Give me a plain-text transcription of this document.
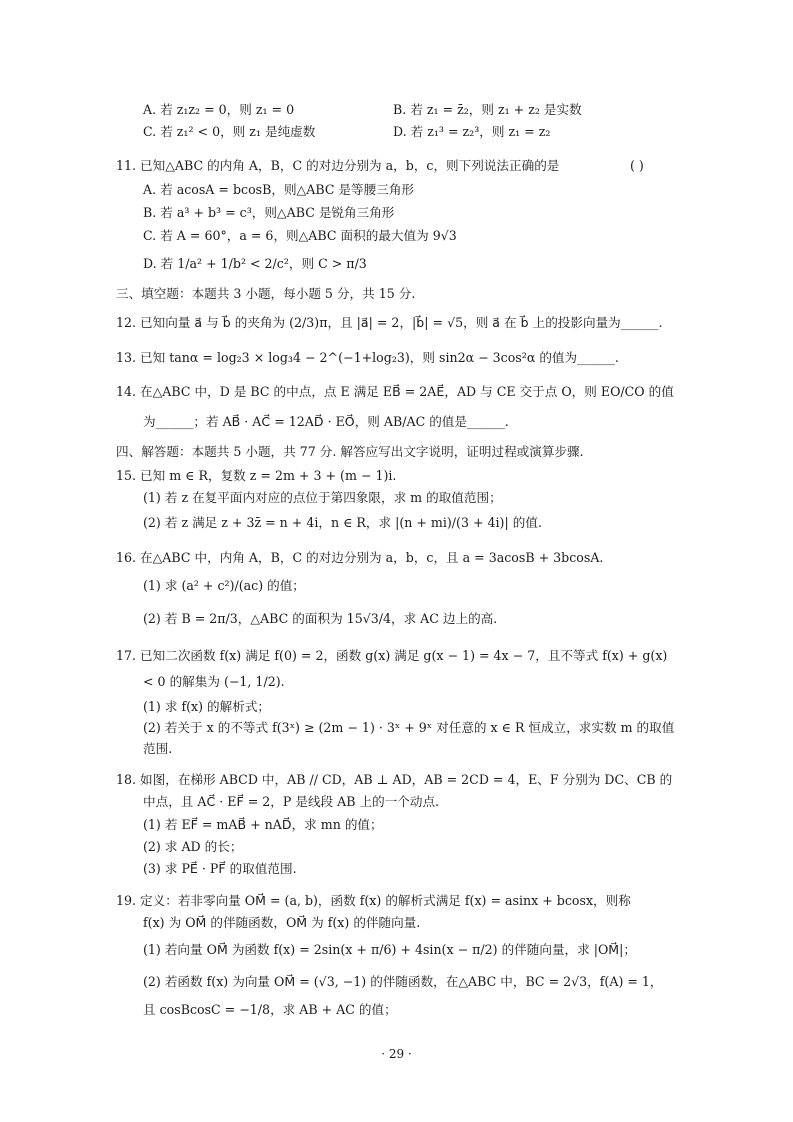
A. 若 z₁z₂ = 0，则 z₁ = 0	B. 若 z₁ = z̄₂，则 z₁ + z₂ 是实数
C. 若 z₁² < 0，则 z₁ 是纯虚数	D. 若 z₁³ = z₂³，则 z₁ = z₂
11. 已知△ABC 的内角 A，B，C 的对边分别为 a，b，c，则下列说法正确的是	( )
A. 若 acosA = bcosB，则△ABC 是等腰三角形
B. 若 a³ + b³ = c³，则△ABC 是锐角三角形
C. 若 A = 60°，a = 6，则△ABC 面积的最大值为 9√3
D. 若 1/a² + 1/b² < 2/c²，则 C > π/3
三、填空题：本题共 3 小题，每小题 5 分，共 15 分.
12. 已知向量 a⃗ 与 b⃗ 的夹角为 (2/3)π，且 |a⃗| = 2，|b⃗| = √5，则 a⃗ 在 b⃗ 上的投影向量为______.
13. 已知 tanα = log₂3 × log₃4 − 2^(−1+log₂3)，则 sin2α − 3cos²α 的值为______.
14. 在△ABC 中，D 是 BC 的中点，点 E 满足 EB⃗ = 2AE⃗，AD 与 CE 交于点 O，则 EO/CO 的值
为______；若 AB⃗ · AC⃗ = 12AD⃗ · EO⃗，则 AB/AC 的值是______.
四、解答题：本题共 5 小题，共 77 分. 解答应写出文字说明，证明过程或演算步骤.
15. 已知 m ∈ R，复数 z = 2m + 3 + (m − 1)i.
(1) 若 z 在复平面内对应的点位于第四象限，求 m 的取值范围；
(2) 若 z 满足 z + 3z̄ = n + 4i，n ∈ R，求 |(n + mi)/(3 + 4i)| 的值.
16. 在△ABC 中，内角 A，B，C 的对边分别为 a，b，c，且 a = 3acosB + 3bcosA.
(1) 求 (a² + c²)/(ac) 的值；
(2) 若 B = 2π/3，△ABC 的面积为 15√3/4，求 AC 边上的高.
17. 已知二次函数 f(x) 满足 f(0) = 2，函数 g(x) 满足 g(x − 1) = 4x − 7，且不等式 f(x) + g(x)
< 0 的解集为 (−1, 1/2).
(1) 求 f(x) 的解析式；
(2) 若关于 x 的不等式 f(3ˣ) ≥ (2m − 1) · 3ˣ + 9ˣ 对任意的 x ∈ R 恒成立，求实数 m 的取值
范围.
18. 如图，在梯形 ABCD 中，AB // CD，AB ⊥ AD，AB = 2CD = 4，E、F 分别为 DC、CB 的
中点，且 AC⃗ · EF⃗ = 2，P 是线段 AB 上的一个动点.
(1) 若 EF⃗ = mAB⃗ + nAD⃗，求 mn 的值；
(2) 求 AD 的长；
(3) 求 PE⃗ · PF⃗ 的取值范围.
19. 定义：若非零向量 OM⃗ = (a, b)，函数 f(x) 的解析式满足 f(x) = asinx + bcosx，则称
f(x) 为 OM⃗ 的伴随函数，OM⃗ 为 f(x) 的伴随向量.
(1) 若向量 OM⃗ 为函数 f(x) = 2sin(x + π/6) + 4sin(x − π/2) 的伴随向量，求 |OM⃗|；
(2) 若函数 f(x) 为向量 OM⃗ = (√3, −1) 的伴随函数，在△ABC 中，BC = 2√3，f(A) = 1，
且 cosBcosC = −1/8，求 AB + AC 的值；
· 29 ·
